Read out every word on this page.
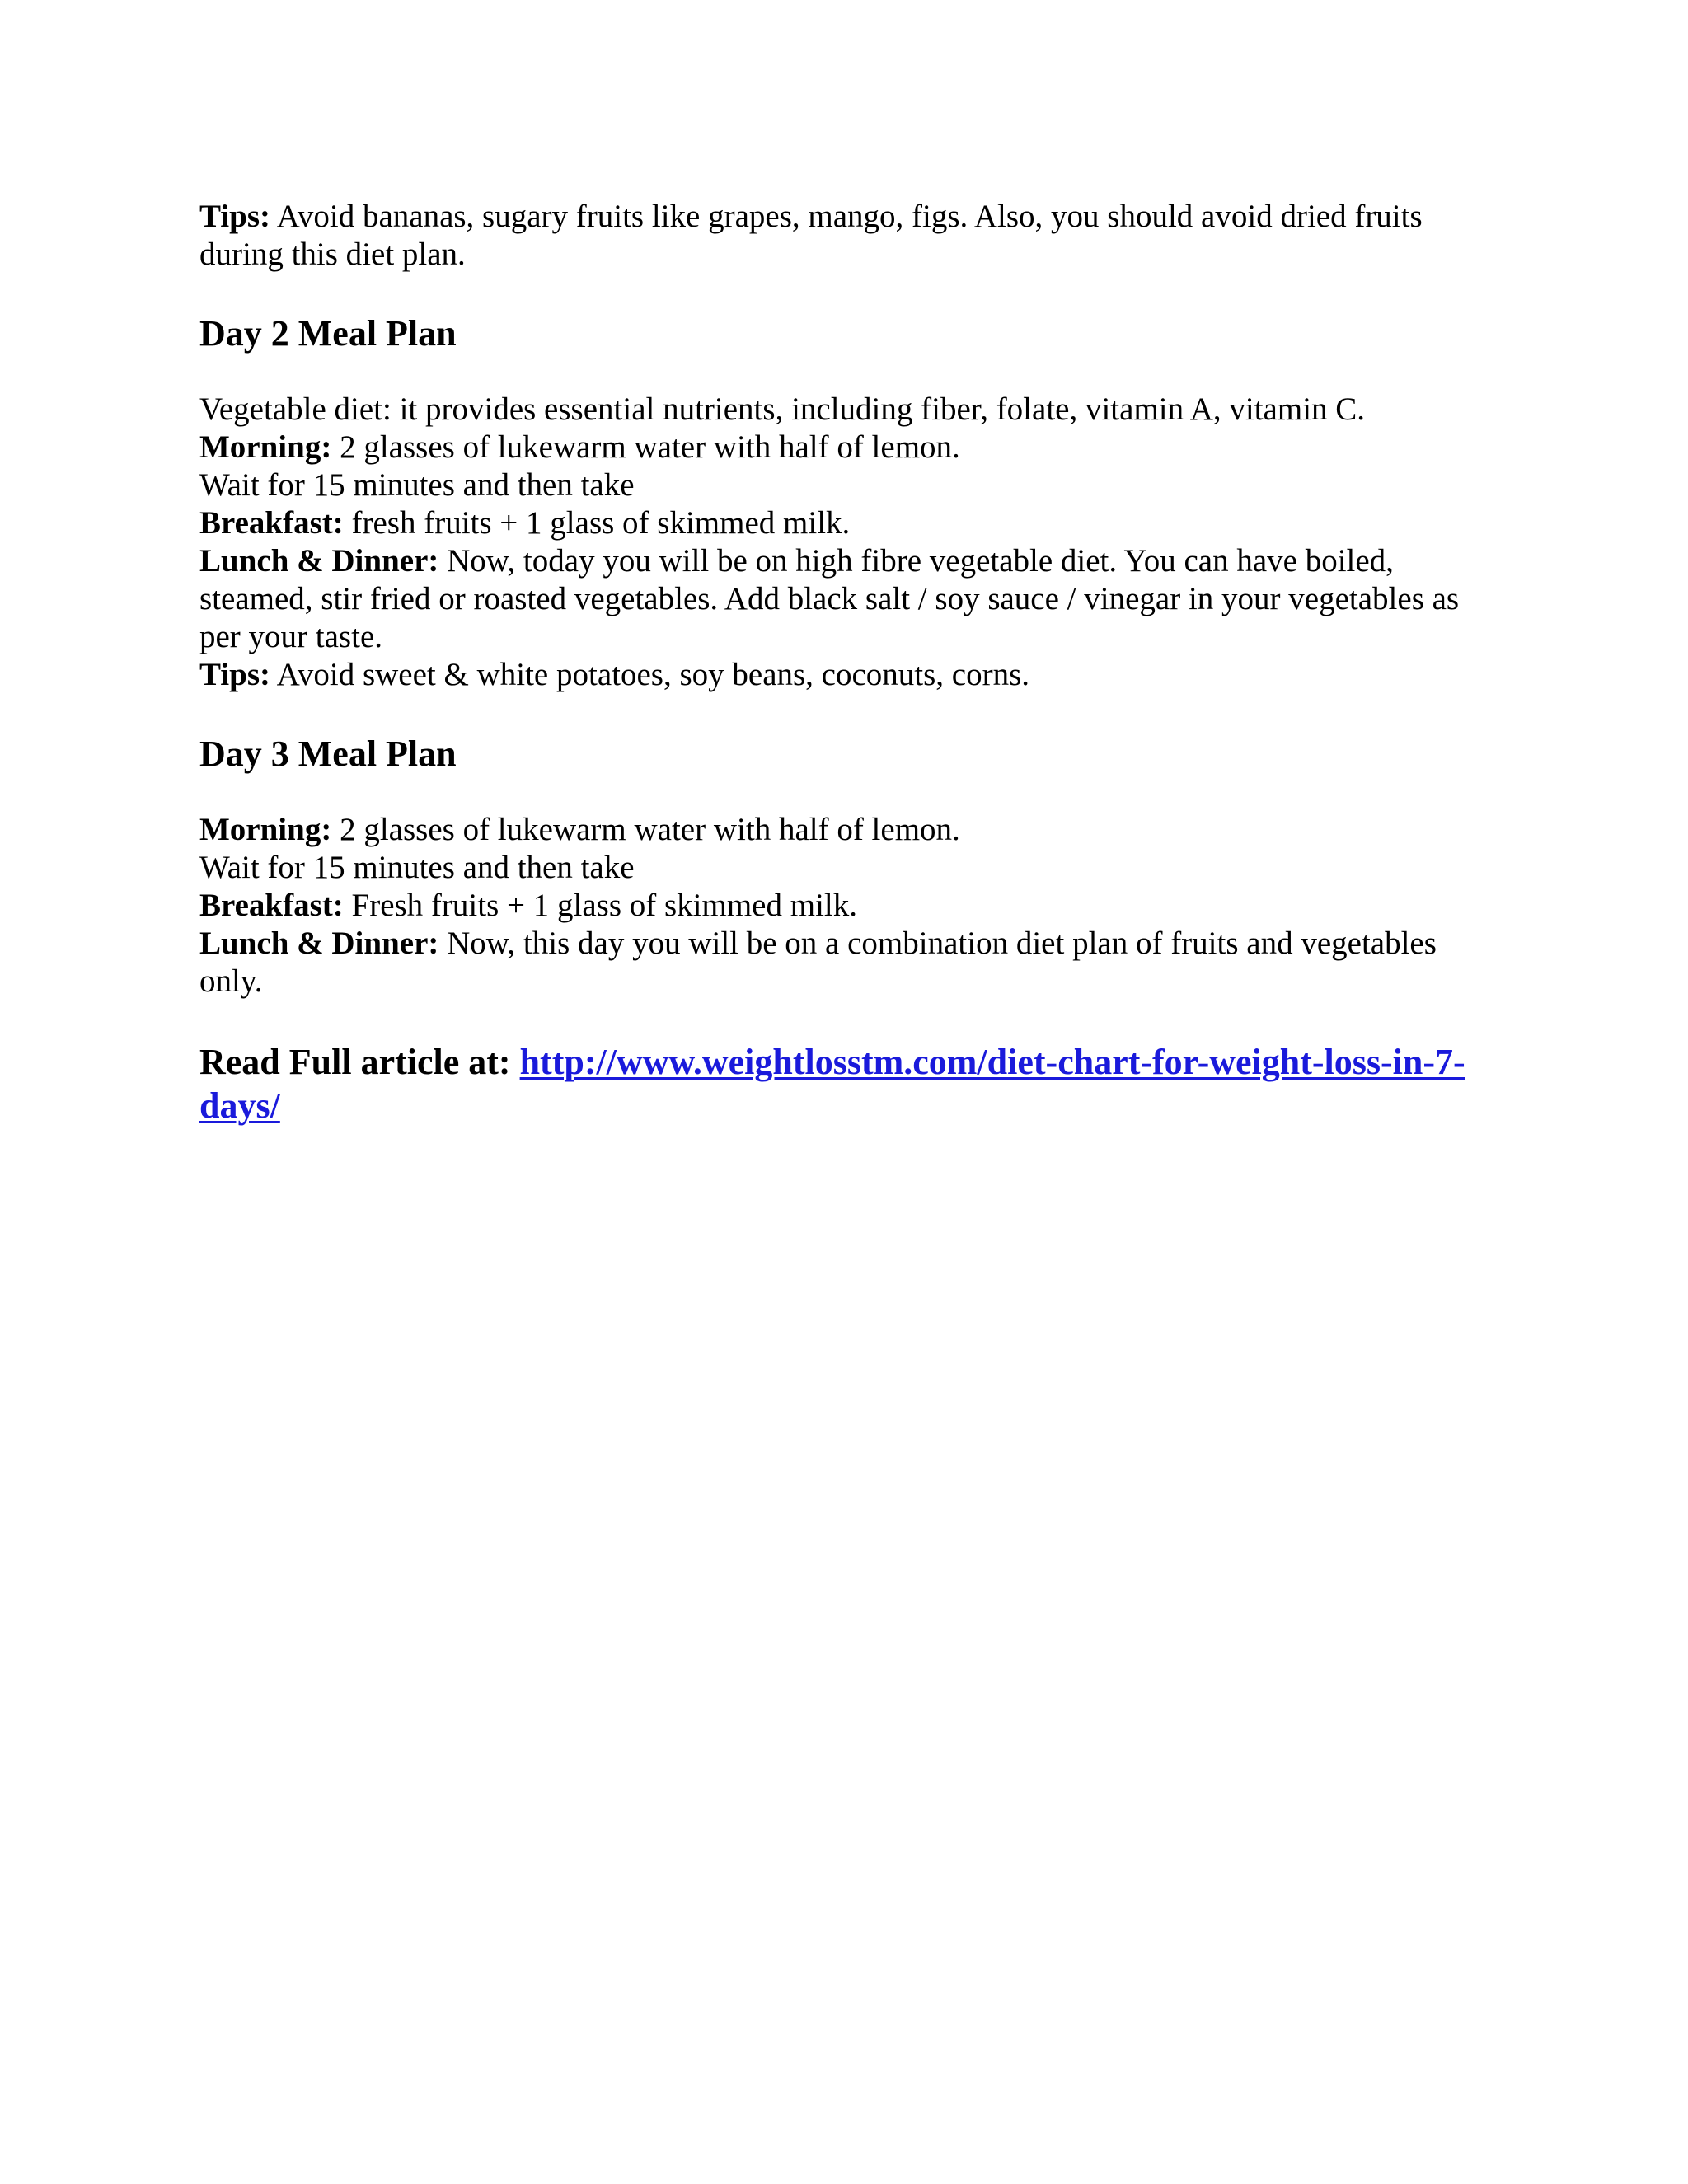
Tips: Avoid bananas, sugary fruits like grapes, mango, figs. Also, you should avoid dried fruits during this diet plan.

Day 2 Meal Plan

Vegetable diet: it provides essential nutrients, including fiber, folate, vitamin A, vitamin C.

Morning: 2 glasses of lukewarm water with half of lemon.

Wait for 15 minutes and then take

Breakfast: fresh fruits + 1 glass of skimmed milk.

Lunch & Dinner: Now, today you will be on high fibre vegetable diet. You can have boiled, steamed, stir fried or roasted vegetables. Add black salt / soy sauce / vinegar in your vegetables as per your taste.

Tips: Avoid sweet & white potatoes, soy beans, coconuts, corns.

Day 3 Meal Plan

Morning: 2 glasses of lukewarm water with half of lemon.

Wait for 15 minutes and then take

Breakfast: Fresh fruits + 1 glass of skimmed milk.

Lunch & Dinner: Now, this day you will be on a combination diet plan of fruits and vegetables only.

Read Full article at: http://www.weightlosstm.com/diet-chart-for-weight-loss-in-7-days/
